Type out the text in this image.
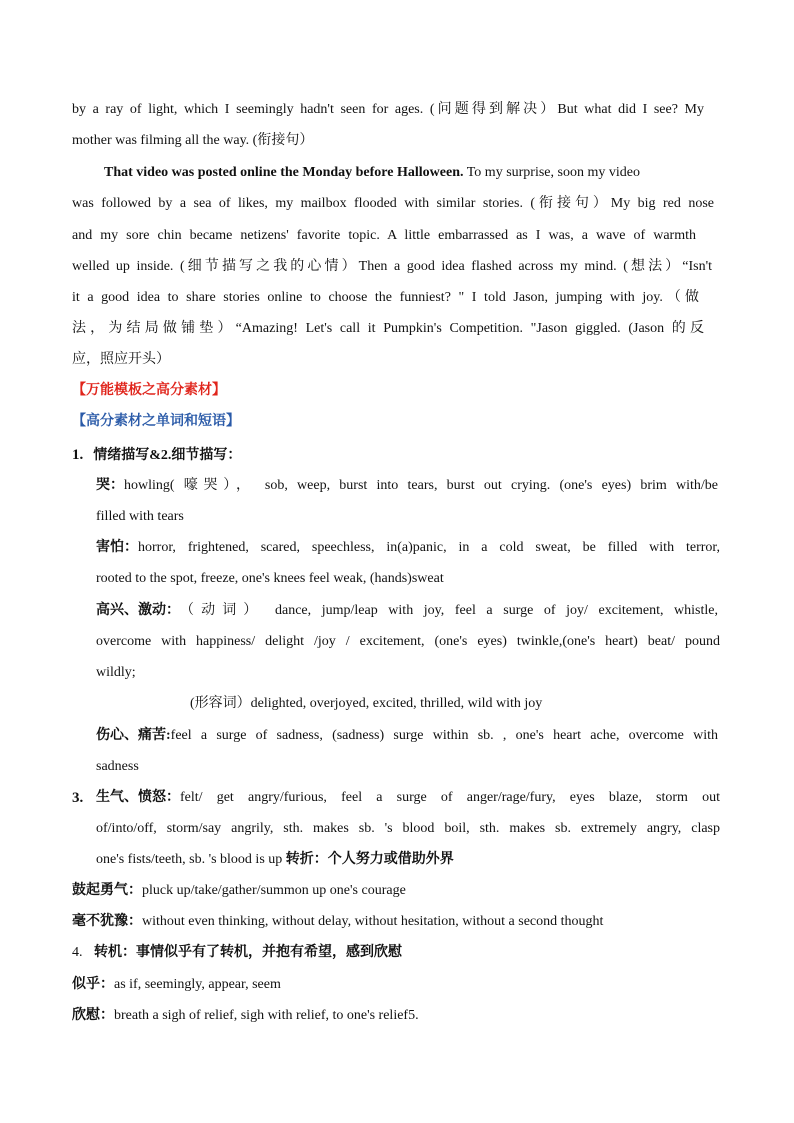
by a ray of light, which I seemingly hadn't seen for ages. (问题得到解决）But what did I see? My
mother was filming all the way. (衔接句）
That video was posted online the Monday before Halloween. To my surprise, soon my video
was followed by a sea of likes, my mailbox flooded with similar stories. (衔接句）My big red nose
and my sore chin became netizens' favorite topic. A little embarrassed as I was, a wave of warmth
welled up inside. (细节描写之我的心情）Then a good idea flashed across my mind. (想法）“Isn't
it a good idea to share stories online to choose the funniest? " I told Jason, jumping with joy.（做
法，为结局做铺垫）“Amazing! Let's call it Pumpkin's Competition. "Jason giggled. (Jason 的反
应，照应开头）
【万能模板之高分素材】
【高分素材之单词和短语】
1. 情绪描写&2.细节描写：
哭： howling( 嚎哭）， sob, weep, burst into tears, burst out crying. (one's eyes) brim with/be
filled with tears
害怕： horror, frightened, scared, speechless, in(a)panic, in a cold sweat, be filled with terror,
rooted to the spot, freeze, one's knees feel weak, (hands)sweat
高兴、激动： （动词） dance, jump/leap with joy, feel a surge of joy/ excitement, whistle,
overcome with happiness/ delight /joy / excitement, (one's eyes) twinkle,(one's heart) beat/ pound
wildly;
(形容词）delighted, overjoyed, excited, thrilled, wild with joy
伤心、痛苦: feel a surge of sadness, (sadness) surge within sb. , one's heart ache, overcome with
sadness
3. 生气、愤怒： felt/ get angry/furious, feel a surge of anger/rage/fury, eyes blaze, storm out
of/into/off, storm/say angrily, sth. makes sb. 's blood boil, sth. makes sb. extremely angry, clasp
one's fists/teeth, sb. 's blood is up 转折：个人努力或借助外界
鼓起勇气：pluck up/take/gather/summon up one's courage
毫不犹豫：without even thinking, without delay, without hesitation, without a second thought
4. 转机：事情似乎有了转机，并抱有希望，感到欣慰
似乎：as if, seemingly, appear, seem
欣慰：breath a sigh of relief, sigh with relief, to one's relief5.
